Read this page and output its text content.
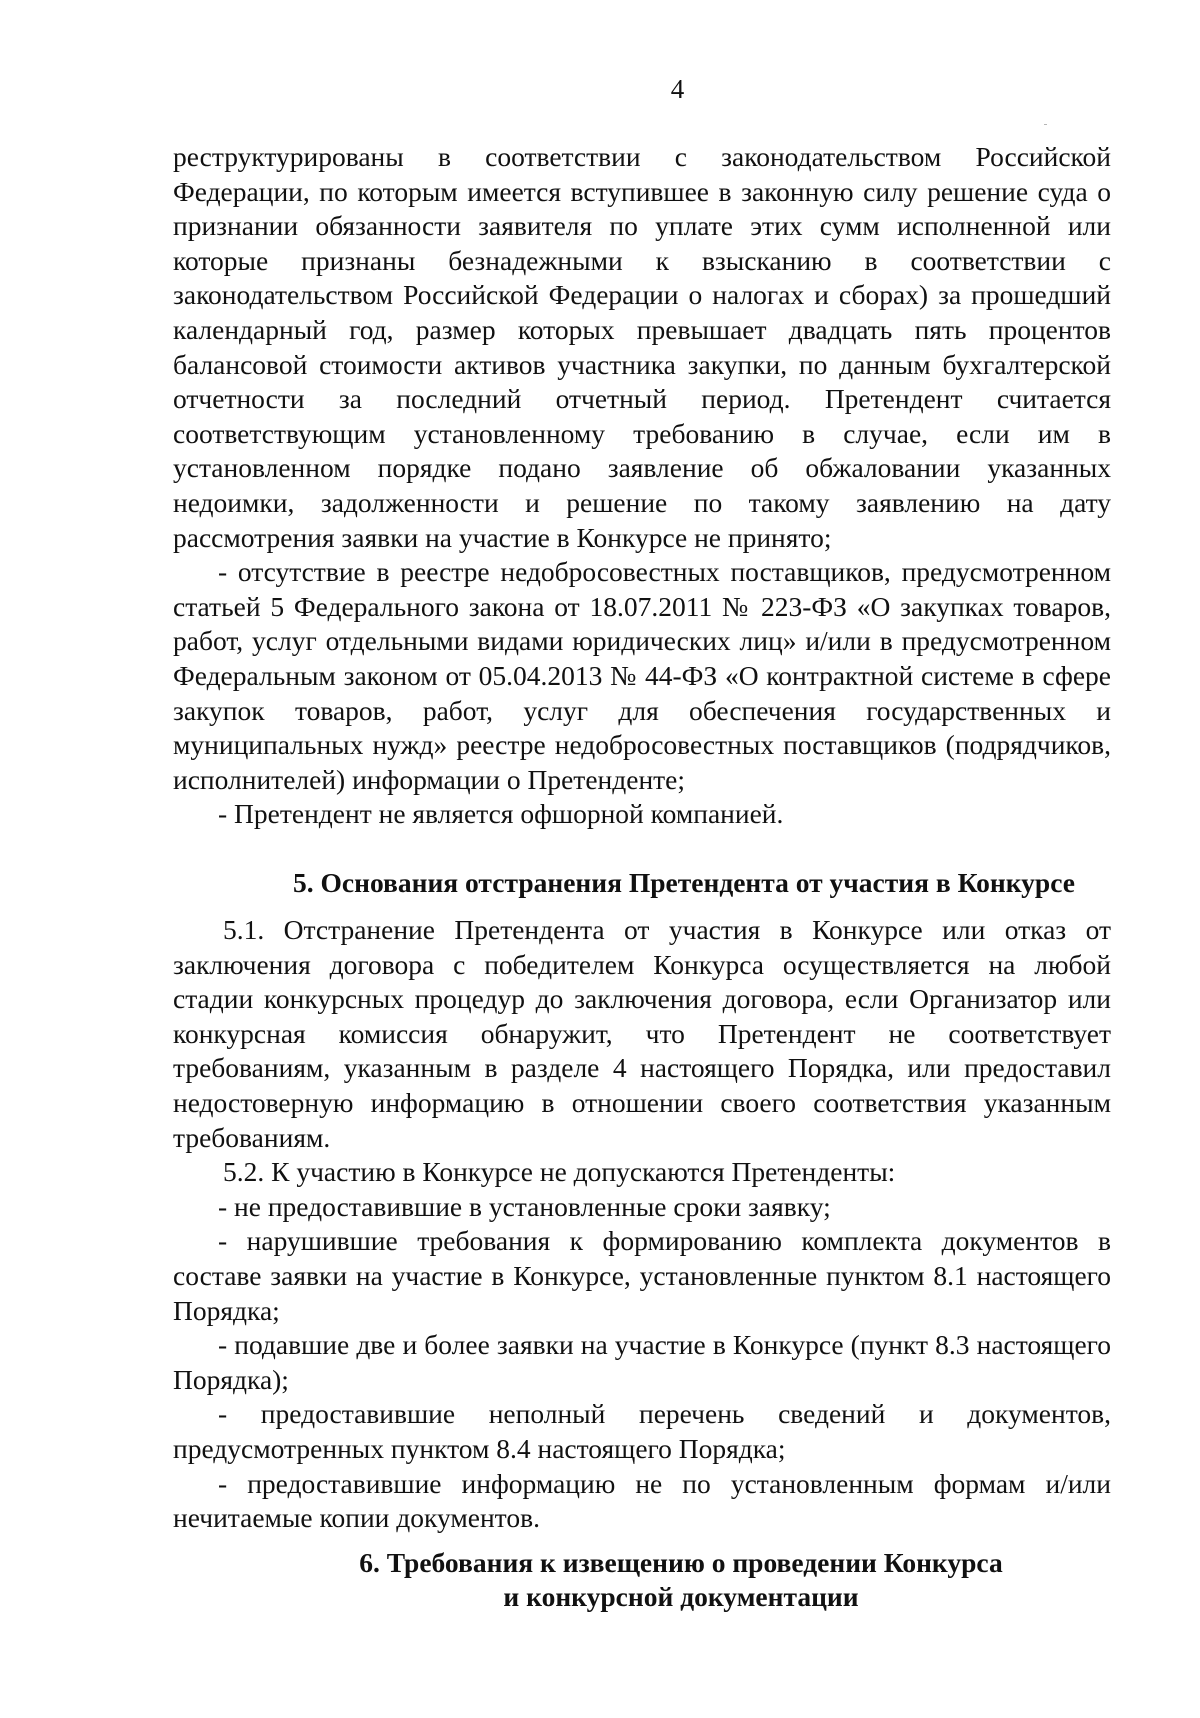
4

реструктурированы в соответствии с законодательством Российской Федерации, по которым имеется вступившее в законную силу решение суда о признании обязанности заявителя по уплате этих сумм исполненной или которые признаны безнадежными к взысканию в соответствии с законодательством Российской Федерации о налогах и сборах) за прошедший календарный год, размер которых превышает двадцать пять процентов балансовой стоимости активов участника закупки, по данным бухгалтерской отчетности за последний отчетный период. Претендент считается соответствующим установленному требованию в случае, если им в установленном порядке подано заявление об обжаловании указанных недоимки, задолженности и решение по такому заявлению на дату рассмотрения заявки на участие в Конкурсе не принято;

- отсутствие в реестре недобросовестных поставщиков, предусмотренном статьей 5 Федерального закона от 18.07.2011 № 223-ФЗ «О закупках товаров, работ, услуг отдельными видами юридических лиц» и/или в предусмотренном Федеральным законом от 05.04.2013 № 44-ФЗ «О контрактной системе в сфере закупок товаров, работ, услуг для обеспечения государственных и муниципальных нужд» реестре недобросовестных поставщиков (подрядчиков, исполнителей) информации о Претенденте;

- Претендент не является офшорной компанией.

5. Основания отстранения Претендента от участия в Конкурсе

5.1. Отстранение Претендента от участия в Конкурсе или отказ от заключения договора с победителем Конкурса осуществляется на любой стадии конкурсных процедур до заключения договора, если Организатор или конкурсная комиссия обнаружит, что Претендент не соответствует требованиям, указанным в разделе 4 настоящего Порядка, или предоставил недостоверную информацию в отношении своего соответствия указанным требованиям.

5.2. К участию в Конкурсе не допускаются Претенденты:

- не предоставившие в установленные сроки заявку;

- нарушившие требования к формированию комплекта документов в составе заявки на участие в Конкурсе, установленные пунктом 8.1 настоящего Порядка;

- подавшие две и более заявки на участие в Конкурсе (пункт 8.3 настоящего Порядка);

- предоставившие неполный перечень сведений и документов, предусмотренных пунктом 8.4 настоящего Порядка;

- предоставившие информацию не по установленным формам и/или нечитаемые копии документов.

6. Требования к извещению о проведении Конкурса
и конкурсной документации
